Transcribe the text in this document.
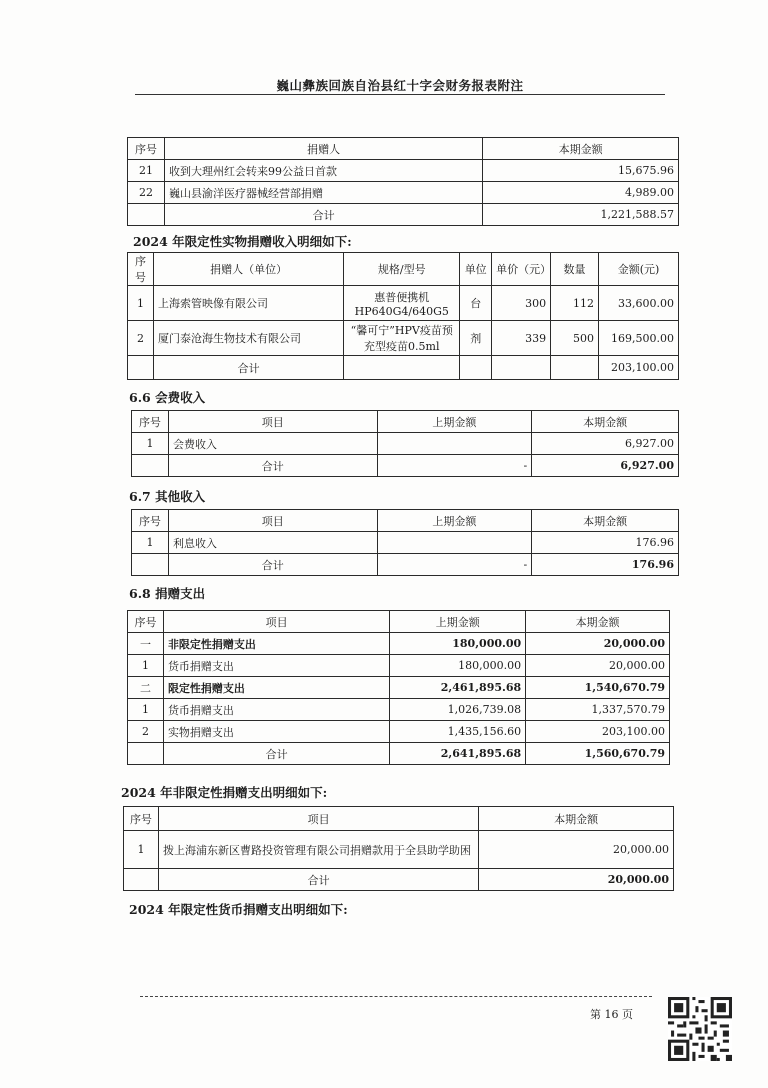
巍山彝族回族自治县红十字会财务报表附注
序号	捐赠人	本期金额
21	收到大理州红会转来99公益日首款	15,675.96
22	巍山县渝洋医疗器械经营部捐赠	4,989.00
	合计	1,221,588.57
2024 年限定性实物捐赠收入明细如下:
序号	捐赠人（单位）	规格/型号	单位	单价（元）	数量	金额(元)
1	上海索管映像有限公司	惠普便携机 HP640G4/640G5	台	300	112	33,600.00
2	厦门泰沧海生物技术有限公司	“馨可宁”HPV疫苗预充型疫苗0.5ml	剂	339	500	169,500.00
	合计					203,100.00
6.6 会费收入
序号	项目	上期金额	本期金额
1	会费收入		6,927.00
	合计	-	6,927.00
6.7 其他收入
序号	项目	上期金额	本期金额
1	利息收入		176.96
	合计	-	176.96
6.8 捐赠支出
序号	项目	上期金额	本期金额
一	非限定性捐赠支出	180,000.00	20,000.00
1	货币捐赠支出	180,000.00	20,000.00
二	限定性捐赠支出	2,461,895.68	1,540,670.79
1	货币捐赠支出	1,026,739.08	1,337,570.79
2	实物捐赠支出	1,435,156.60	203,100.00
	合计	2,641,895.68	1,560,670.79
2024 年非限定性捐赠支出明细如下:
序号	项目	本期金额
1	拨上海浦东新区曹路投资管理有限公司捐赠款用于全县助学助困	20,000.00
	合计	20,000.00
2024 年限定性货币捐赠支出明细如下:
第 16 页
